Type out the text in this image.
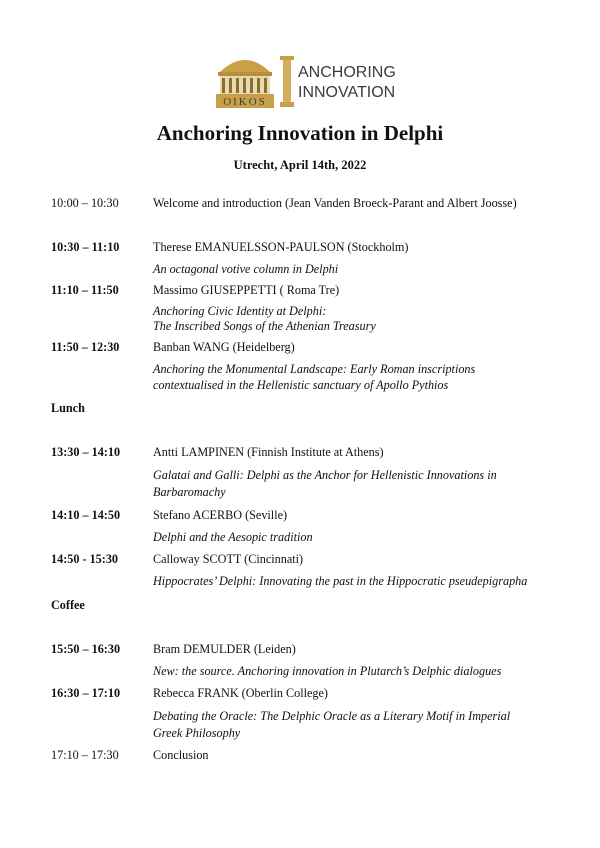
OIKOS
ANCHORING
INNOVATION
Anchoring Innovation in Delphi
Utrecht, April 14th, 2022
10:00 – 10:30	Welcome and introduction (Jean Vanden Broeck-Parant and Albert Joosse)
10:30 – 11:10	Therese EMANUELSSON-PAULSON (Stockholm)
An octagonal votive column in Delphi
11:10 – 11:50	Massimo GIUSEPPETTI ( Roma Tre)
Anchoring Civic Identity at Delphi:
The Inscribed Songs of the Athenian Treasury
11:50 – 12:30	Banban WANG (Heidelberg)
Anchoring the Monumental Landscape: Early Roman inscriptions
contextualised in the Hellenistic sanctuary of Apollo Pythios
Lunch
13:30 – 14:10	Antti LAMPINEN (Finnish Institute at Athens)
Galatai and Galli: Delphi as the Anchor for Hellenistic Innovations in
Barbaromachy
14:10 – 14:50	Stefano ACERBO (Seville)
Delphi and the Aesopic tradition
14:50 - 15:30	Calloway SCOTT (Cincinnati)
Hippocrates’ Delphi: Innovating the past in the Hippocratic pseudepigrapha
Coffee
15:50 – 16:30	Bram DEMULDER (Leiden)
New: the source. Anchoring innovation in Plutarch’s Delphic dialogues
16:30 – 17:10	Rebecca FRANK (Oberlin College)
Debating the Oracle: The Delphic Oracle as a Literary Motif in Imperial
Greek Philosophy
17:10 – 17:30	Conclusion
